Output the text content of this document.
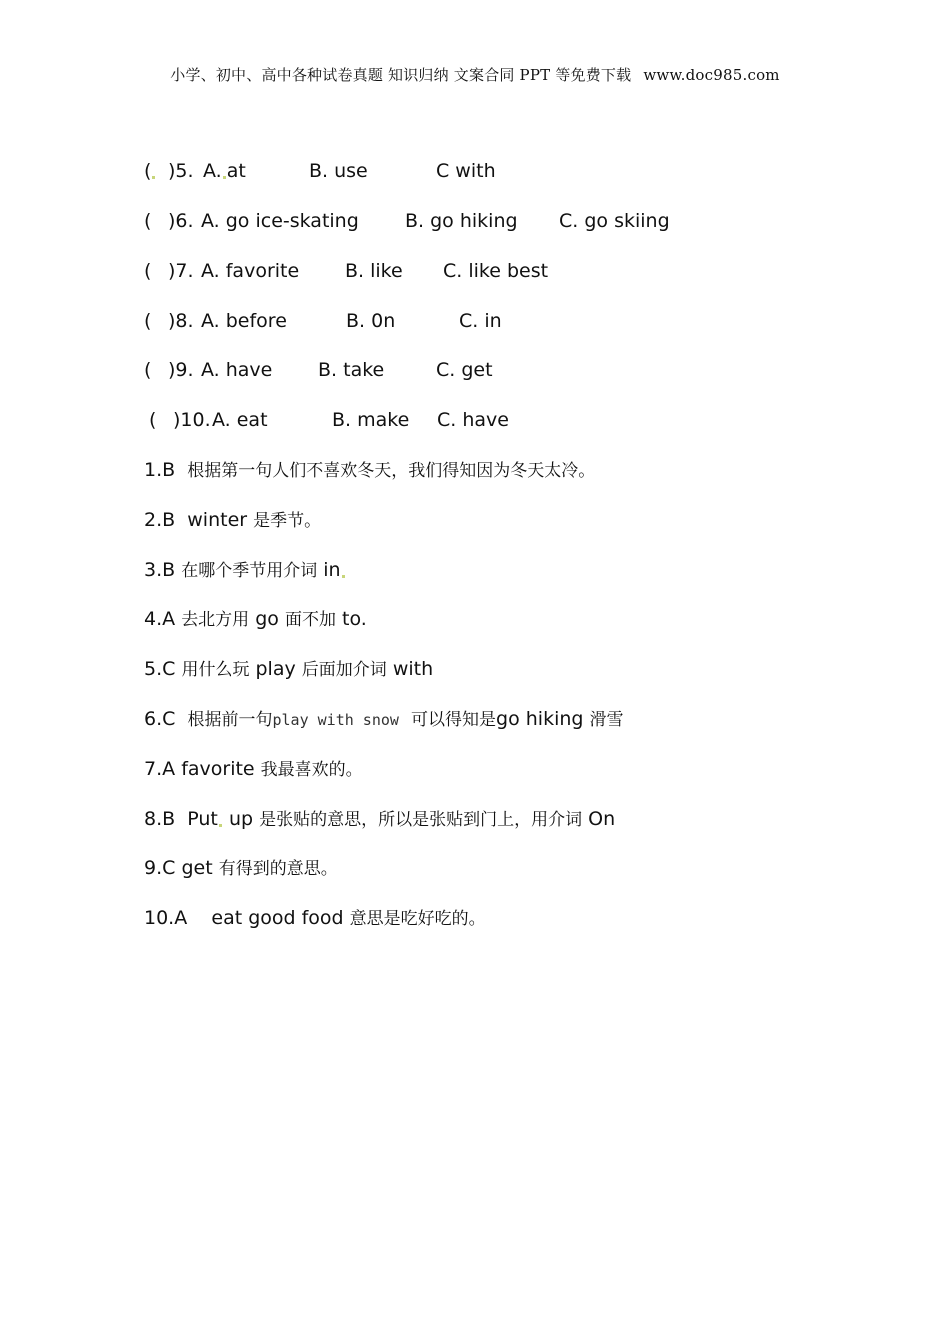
小学、初中、高中各种试卷真题 知识归纳 文案合同 PPT 等免费下载 www.doc985.com
( )5. A. at	B. use	C with
( )6. A. go ice-skating B. go hiking C. go skiing
( )7. A. favorite B. like C. like best
( )8. A. before	B. 0n	C. in
( )9. A. have B. take	C. get
( )10.	B. make C. have
A. eat
1.B 根据第一句人们不喜欢冬天，我们得知因为冬天太冷。
2.B winter 是季节。
3.B 在哪个季节用介词 in
4.A 去北方用 go 面不加 to.
5.C 用什么玩 play 后面加介词 with
6.C 根据前一句play with snow 可以得知是go hiking 滑雪
7.A favorite 我最喜欢的。
8.B Put up 是张贴的意思，所以是张贴到门上，用介词 On
9.C get 有得到的意思。
10.A eat good food 意思是吃好吃的。
